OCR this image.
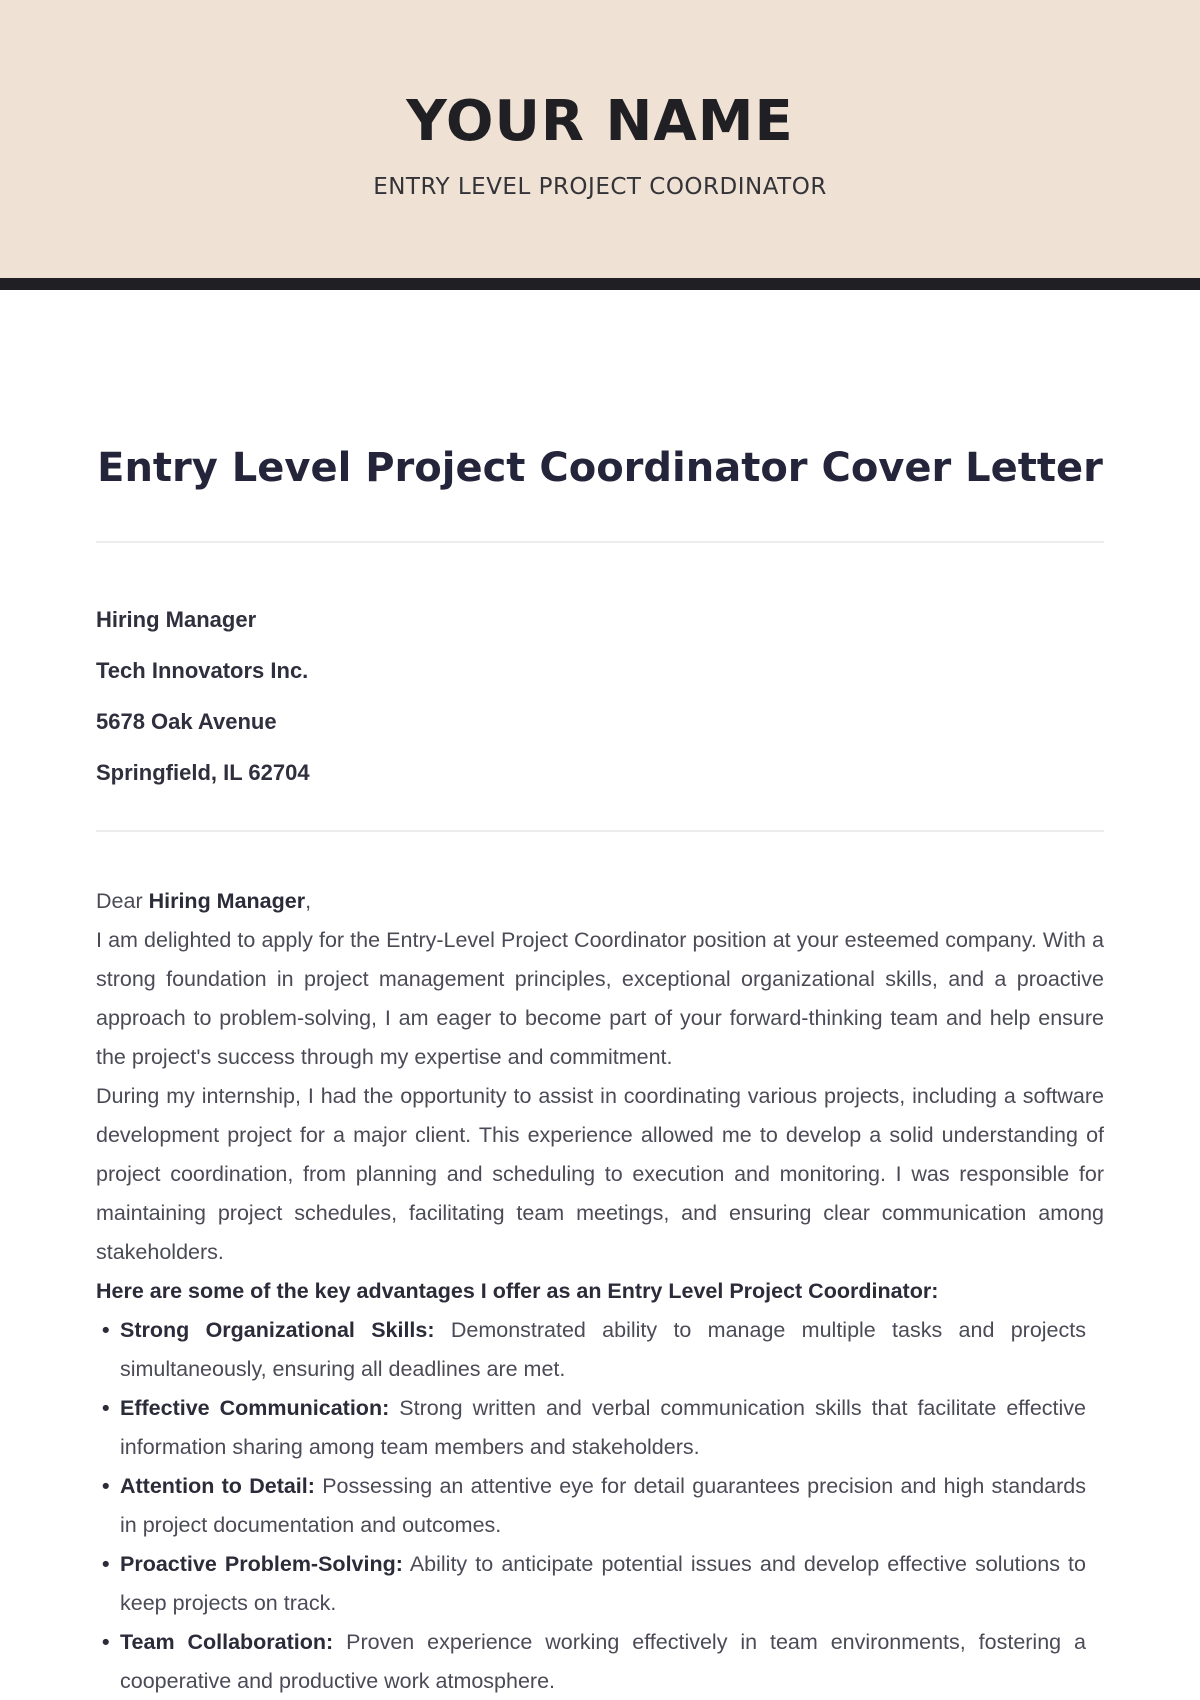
YOUR NAME
ENTRY LEVEL PROJECT COORDINATOR
Entry Level Project Coordinator Cover Letter
Hiring Manager
Tech Innovators Inc.
5678 Oak Avenue
Springfield, IL 62704

Dear Hiring Manager,

I am delighted to apply for the Entry-Level Project Coordinator position at your esteemed company. With a strong foundation in project management principles, exceptional organizational skills, and a proactive approach to problem-solving, I am eager to become part of your forward-thinking team and help ensure the project's success through my expertise and commitment.

During my internship, I had the opportunity to assist in coordinating various projects, including a software development project for a major client. This experience allowed me to develop a solid understanding of project coordination, from planning and scheduling to execution and monitoring. I was responsible for maintaining project schedules, facilitating team meetings, and ensuring clear communication among stakeholders.

Here are some of the key advantages I offer as an Entry Level Project Coordinator:

• Strong Organizational Skills: Demonstrated ability to manage multiple tasks and projects simultaneously, ensuring all deadlines are met.
• Effective Communication: Strong written and verbal communication skills that facilitate effective information sharing among team members and stakeholders.
• Attention to Detail: Possessing an attentive eye for detail guarantees precision and high standards in project documentation and outcomes.
• Proactive Problem-Solving: Ability to anticipate potential issues and develop effective solutions to keep projects on track.
• Team Collaboration: Proven experience working effectively in team environments, fostering a cooperative and productive work atmosphere.
